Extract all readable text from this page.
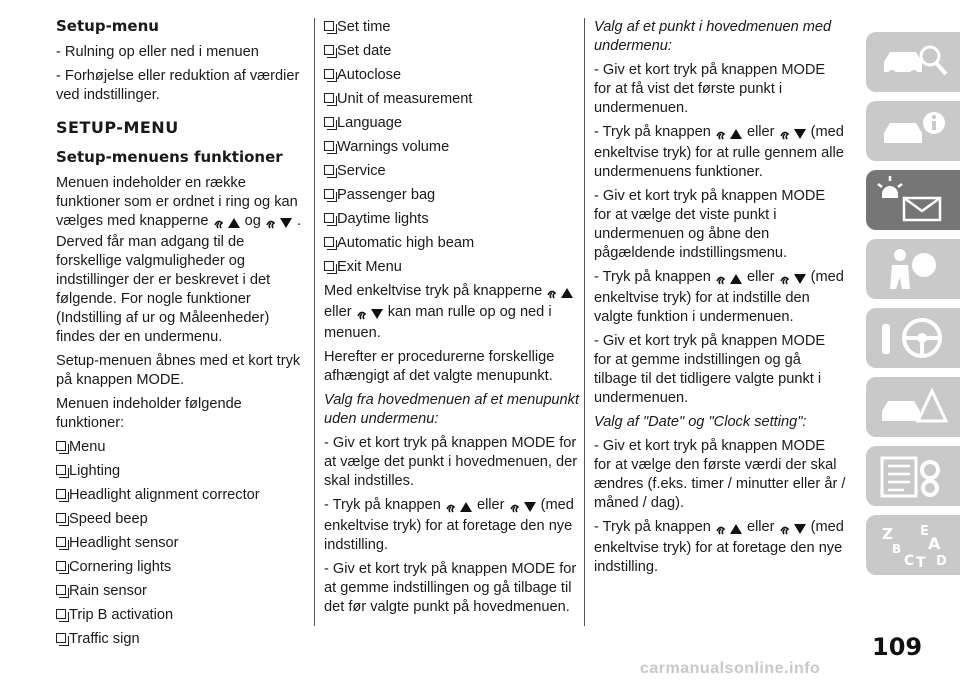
Setup-menu

- Rulning op eller ned i menuen

- Forhøjelse eller reduktion af værdier ved indstillinger.

SETUP-MENU
Setup-menuens funktioner

Menuen indeholder en række funktioner som er ordnet i ring og kan vælges med knapperne og . Derved får man adgang til de forskellige valgmuligheder og indstillinger der er beskrevet i det følgende. For nogle funktioner (Indstilling af ur og Måleenheder) findes der en undermenu.

Setup-menuen åbnes med et kort tryk på knappen MODE.

Menuen indeholder følgende funktioner:

Menu
Lighting
Headlight alignment corrector
Speed beep
Headlight sensor
Cornering lights
Rain sensor
Trip B activation
Traffic sign
Set time
Set date
Autoclose
Unit of measurement
Language
Warnings volume
Service
Passenger bag
Daytime lights
Automatic high beam
Exit Menu

Med enkeltvise tryk på knapperne  eller kan man rulle op og ned i menuen.

Herefter er procedurerne forskellige afhængigt af det valgte menupunkt.

Valg fra hovedmenuen af et menupunkt uden undermenu:

- Giv et kort tryk på knappen MODE for at vælge det punkt i hovedmenuen, der skal indstilles.

- Tryk på knappen eller (med enkeltvise tryk) for at foretage den nye indstilling.

- Giv et kort tryk på knappen MODE for at gemme indstillingen og gå tilbage til det før valgte punkt på hovedmenuen.

Valg af et punkt i hovedmenuen med undermenu:

- Giv et kort tryk på knappen MODE for at få vist det første punkt i undermenuen.

- Tryk på knappen eller (med enkeltvise tryk) for at rulle gennem alle undermenuens funktioner.

- Giv et kort tryk på knappen MODE for at vælge det viste punkt i undermenuen og åbne den pågældende indstillingsmenu.

- Tryk på knappen eller (med enkeltvise tryk) for at indstille den valgte funktion i undermenuen.

- Giv et kort tryk på knappen MODE for at gemme indstillingen og gå tilbage til det tidligere valgte punkt i undermenuen.

Valg af "Date" og "Clock setting":

- Giv et kort tryk på knappen MODE for at vælge den første værdi der skal ændres (f.eks. timer / minutter eller år / måned / dag).

- Tryk på knappen eller (med enkeltvise tryk) for at foretage den nye indstilling.

Z E
A
B
C T D
109
carmanualsonline.info
